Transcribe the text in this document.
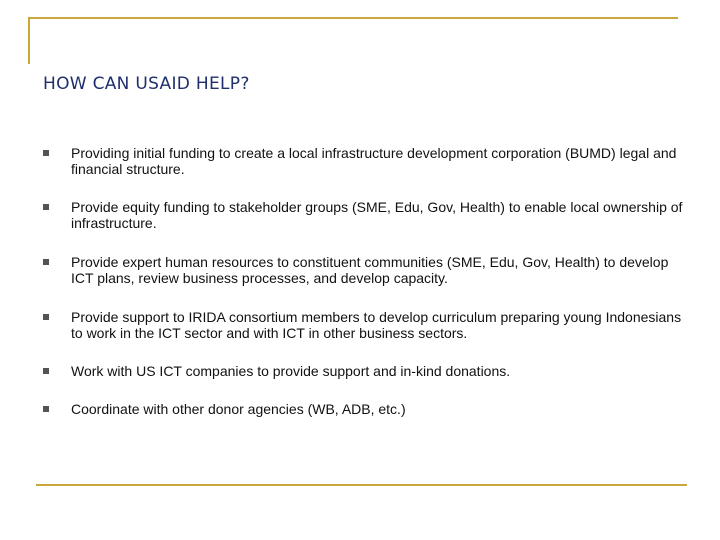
HOW CAN USAID HELP?
Providing initial funding to create a local infrastructure development corporation (BUMD) legal and financial structure.
Provide equity funding to stakeholder groups (SME, Edu, Gov, Health) to enable local ownership of infrastructure.
Provide expert human resources to constituent communities (SME, Edu, Gov, Health) to develop ICT plans, review business processes, and develop capacity.
Provide support to IRIDA consortium members to develop curriculum preparing young Indonesians to work in the ICT sector and with ICT in other business sectors.
Work with US ICT companies to provide support and in-kind donations.
Coordinate with other donor agencies (WB, ADB, etc.)
